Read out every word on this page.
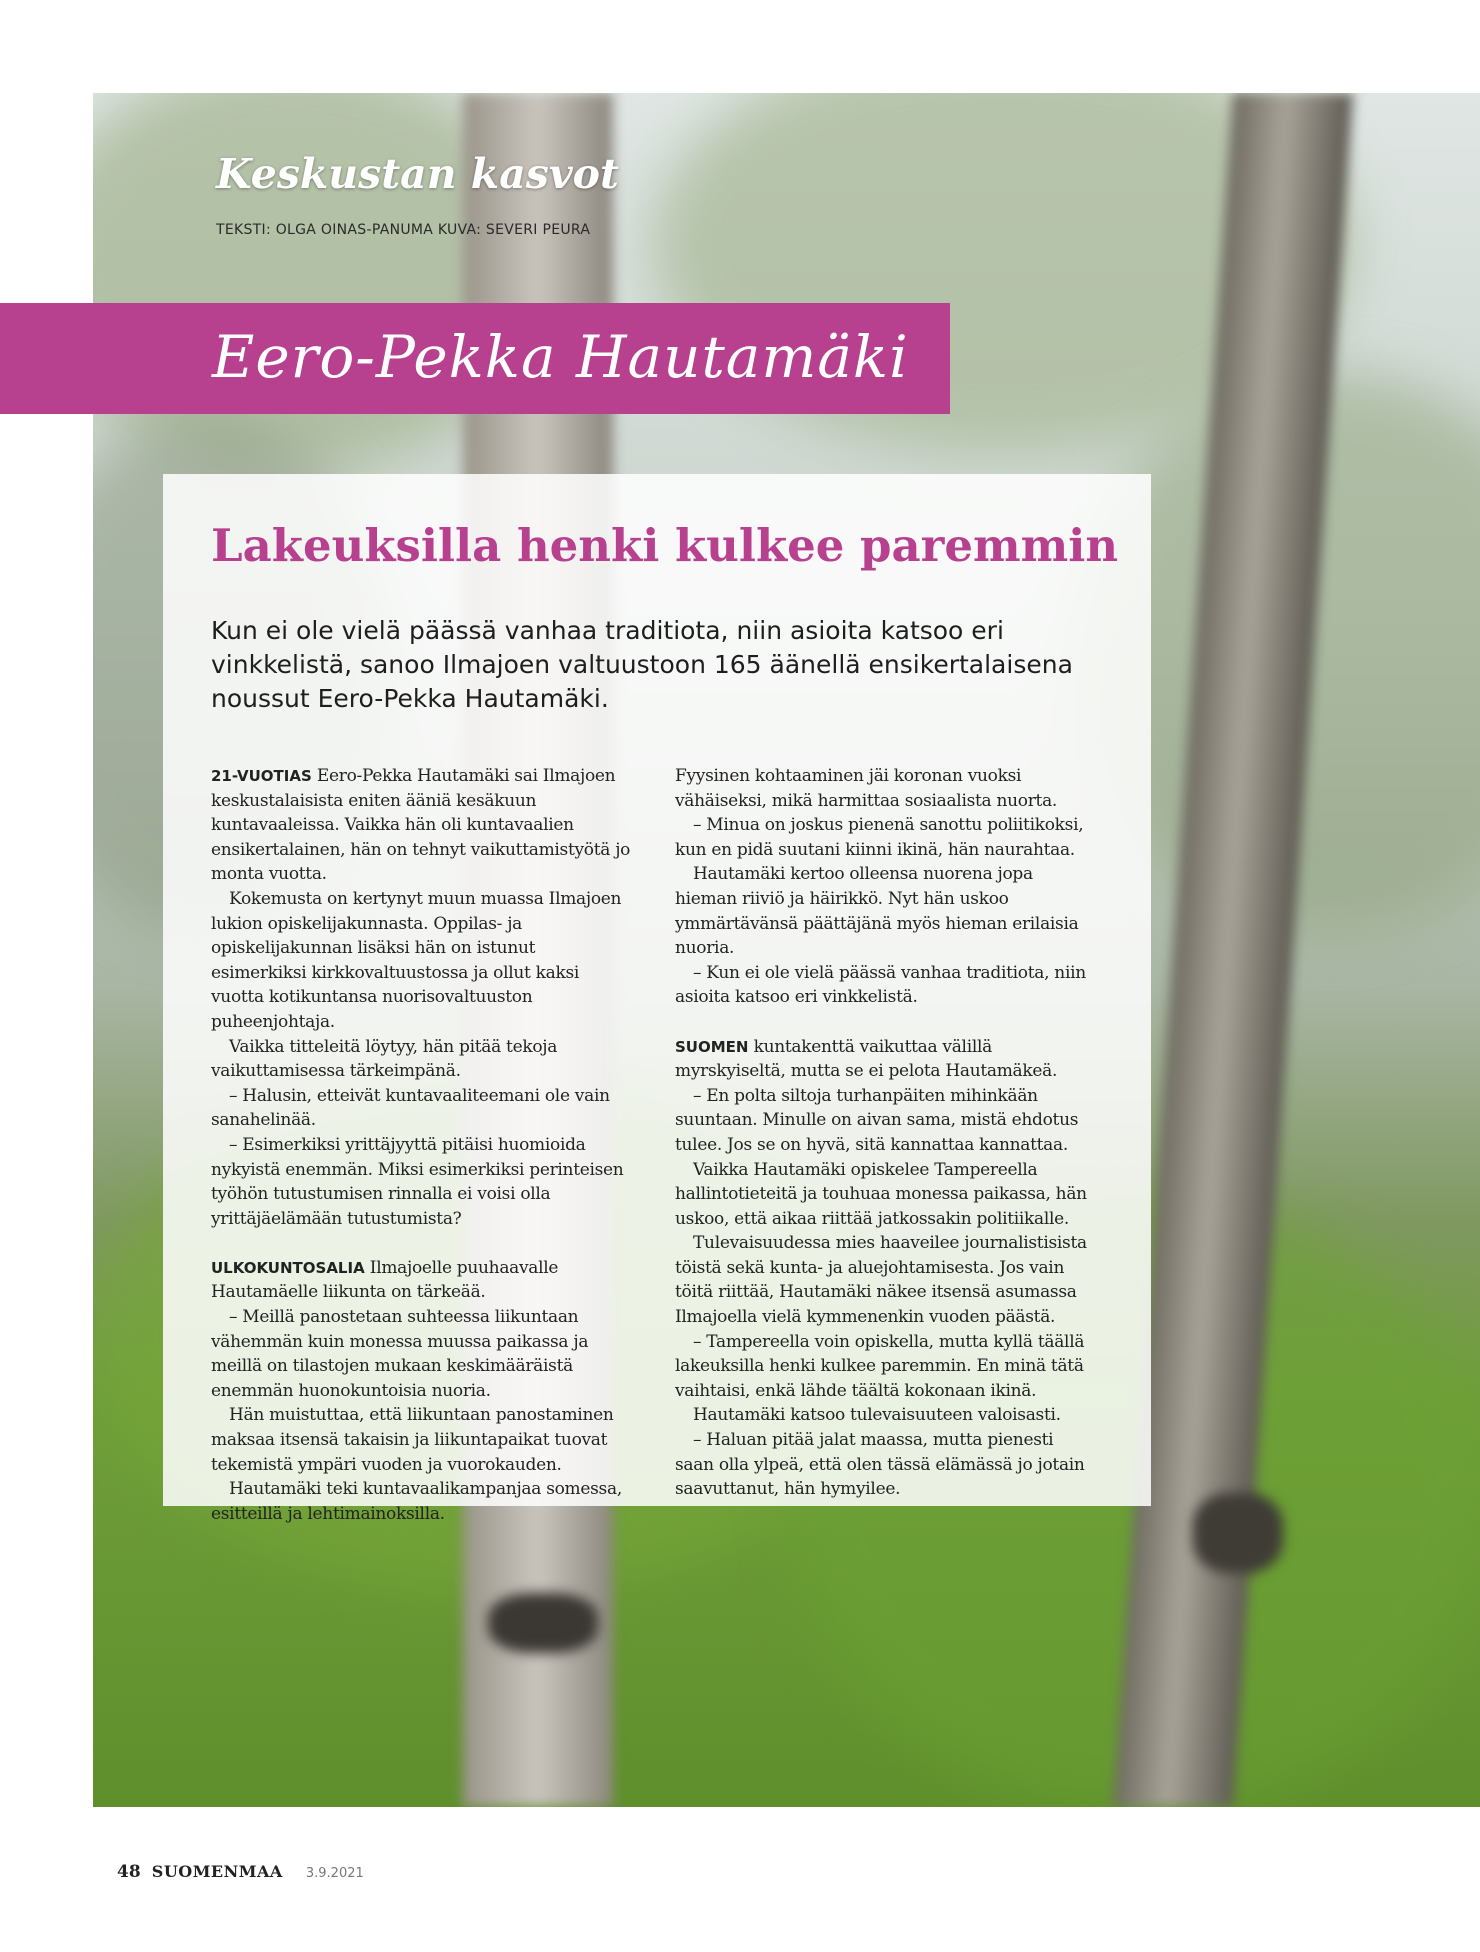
Keskustan kasvot
TEKSTI: OLGA OINAS-PANUMA KUVA: SEVERI PEURA
Eero-Pekka Hautamäki
Lakeuksilla henki kulkee paremmin

Kun ei ole vielä päässä vanhaa traditiota, niin asioita katsoo eri vinkkelistä, sanoo Ilmajoen valtuustoon 165 äänellä ensikertalaisena noussut Eero-Pekka Hautamäki.

21-VUOTIAS Eero-Pekka Hautamäki sai Ilmajoen keskustalaisista eniten ääniä kesäkuun kuntavaaleissa. Vaikka hän oli kuntavaalien ensikertalainen, hän on tehnyt vaikuttamistyötä jo monta vuotta.

Kokemusta on kertynyt muun muassa Ilmajoen lukion opiskelijakunnasta. Oppilas- ja opiskelijakunnan lisäksi hän on istunut esimerkiksi kirkkovaltuustossa ja ollut kaksi vuotta kotikuntansa nuorisovaltuuston puheenjohtaja.

Vaikka titteleitä löytyy, hän pitää tekoja vaikuttamisessa tärkeimpänä.

– Halusin, etteivät kuntavaaliteemani ole vain sanahelinää.

– Esimerkiksi yrittäjyyttä pitäisi huomioida nykyistä enemmän. Miksi esimerkiksi perinteisen työhön tutustumisen rinnalla ei voisi olla yrittäjäelämään tutustumista?

ULKOKUNTOSALIA Ilmajoelle puuhaavalle Hautamäelle liikunta on tärkeää.

– Meillä panostetaan suhteessa liikuntaan vähemmän kuin monessa muussa paikassa ja meillä on tilastojen mukaan keskimääräistä enemmän huonokuntoisia nuoria.

Hän muistuttaa, että liikuntaan panostaminen maksaa itsensä takaisin ja liikuntapaikat tuovat tekemistä ympäri vuoden ja vuorokauden.

Hautamäki teki kuntavaalikampanjaa somessa, esitteillä ja lehtimainoksilla.

Fyysinen kohtaaminen jäi koronan vuoksi vähäiseksi, mikä harmittaa sosiaalista nuorta.

– Minua on joskus pienenä sanottu poliitikoksi, kun en pidä suutani kiinni ikinä, hän naurahtaa.

Hautamäki kertoo olleensa nuorena jopa hieman riiviö ja häirikkö. Nyt hän uskoo ymmärtävänsä päättäjänä myös hieman erilaisia nuoria.

– Kun ei ole vielä päässä vanhaa traditiota, niin asioita katsoo eri vinkkelistä.

SUOMEN kuntakenttä vaikuttaa välillä myrskyiseltä, mutta se ei pelota Hautamäkeä.

– En polta siltoja turhanpäiten mihinkään suuntaan. Minulle on aivan sama, mistä ehdotus tulee. Jos se on hyvä, sitä kannattaa kannattaa.

Vaikka Hautamäki opiskelee Tampereella hallintotieteitä ja touhuaa monessa paikassa, hän uskoo, että aikaa riittää jatkossakin politiikalle.

Tulevaisuudessa mies haaveilee journalistisista töistä sekä kunta- ja aluejohtamisesta. Jos vain töitä riittää, Hautamäki näkee itsensä asumassa Ilmajoella vielä kymmenenkin vuoden päästä.

– Tampereella voin opiskella, mutta kyllä täällä lakeuksilla henki kulkee paremmin. En minä tätä vaihtaisi, enkä lähde täältä kokonaan ikinä.

Hautamäki katsoo tulevaisuuteen valoisasti.

– Haluan pitää jalat maassa, mutta pienesti saan olla ylpeä, että olen tässä elämässä jo jotain saavuttanut, hän hymyilee.

48 SUOMENMAA 3.9.2021
